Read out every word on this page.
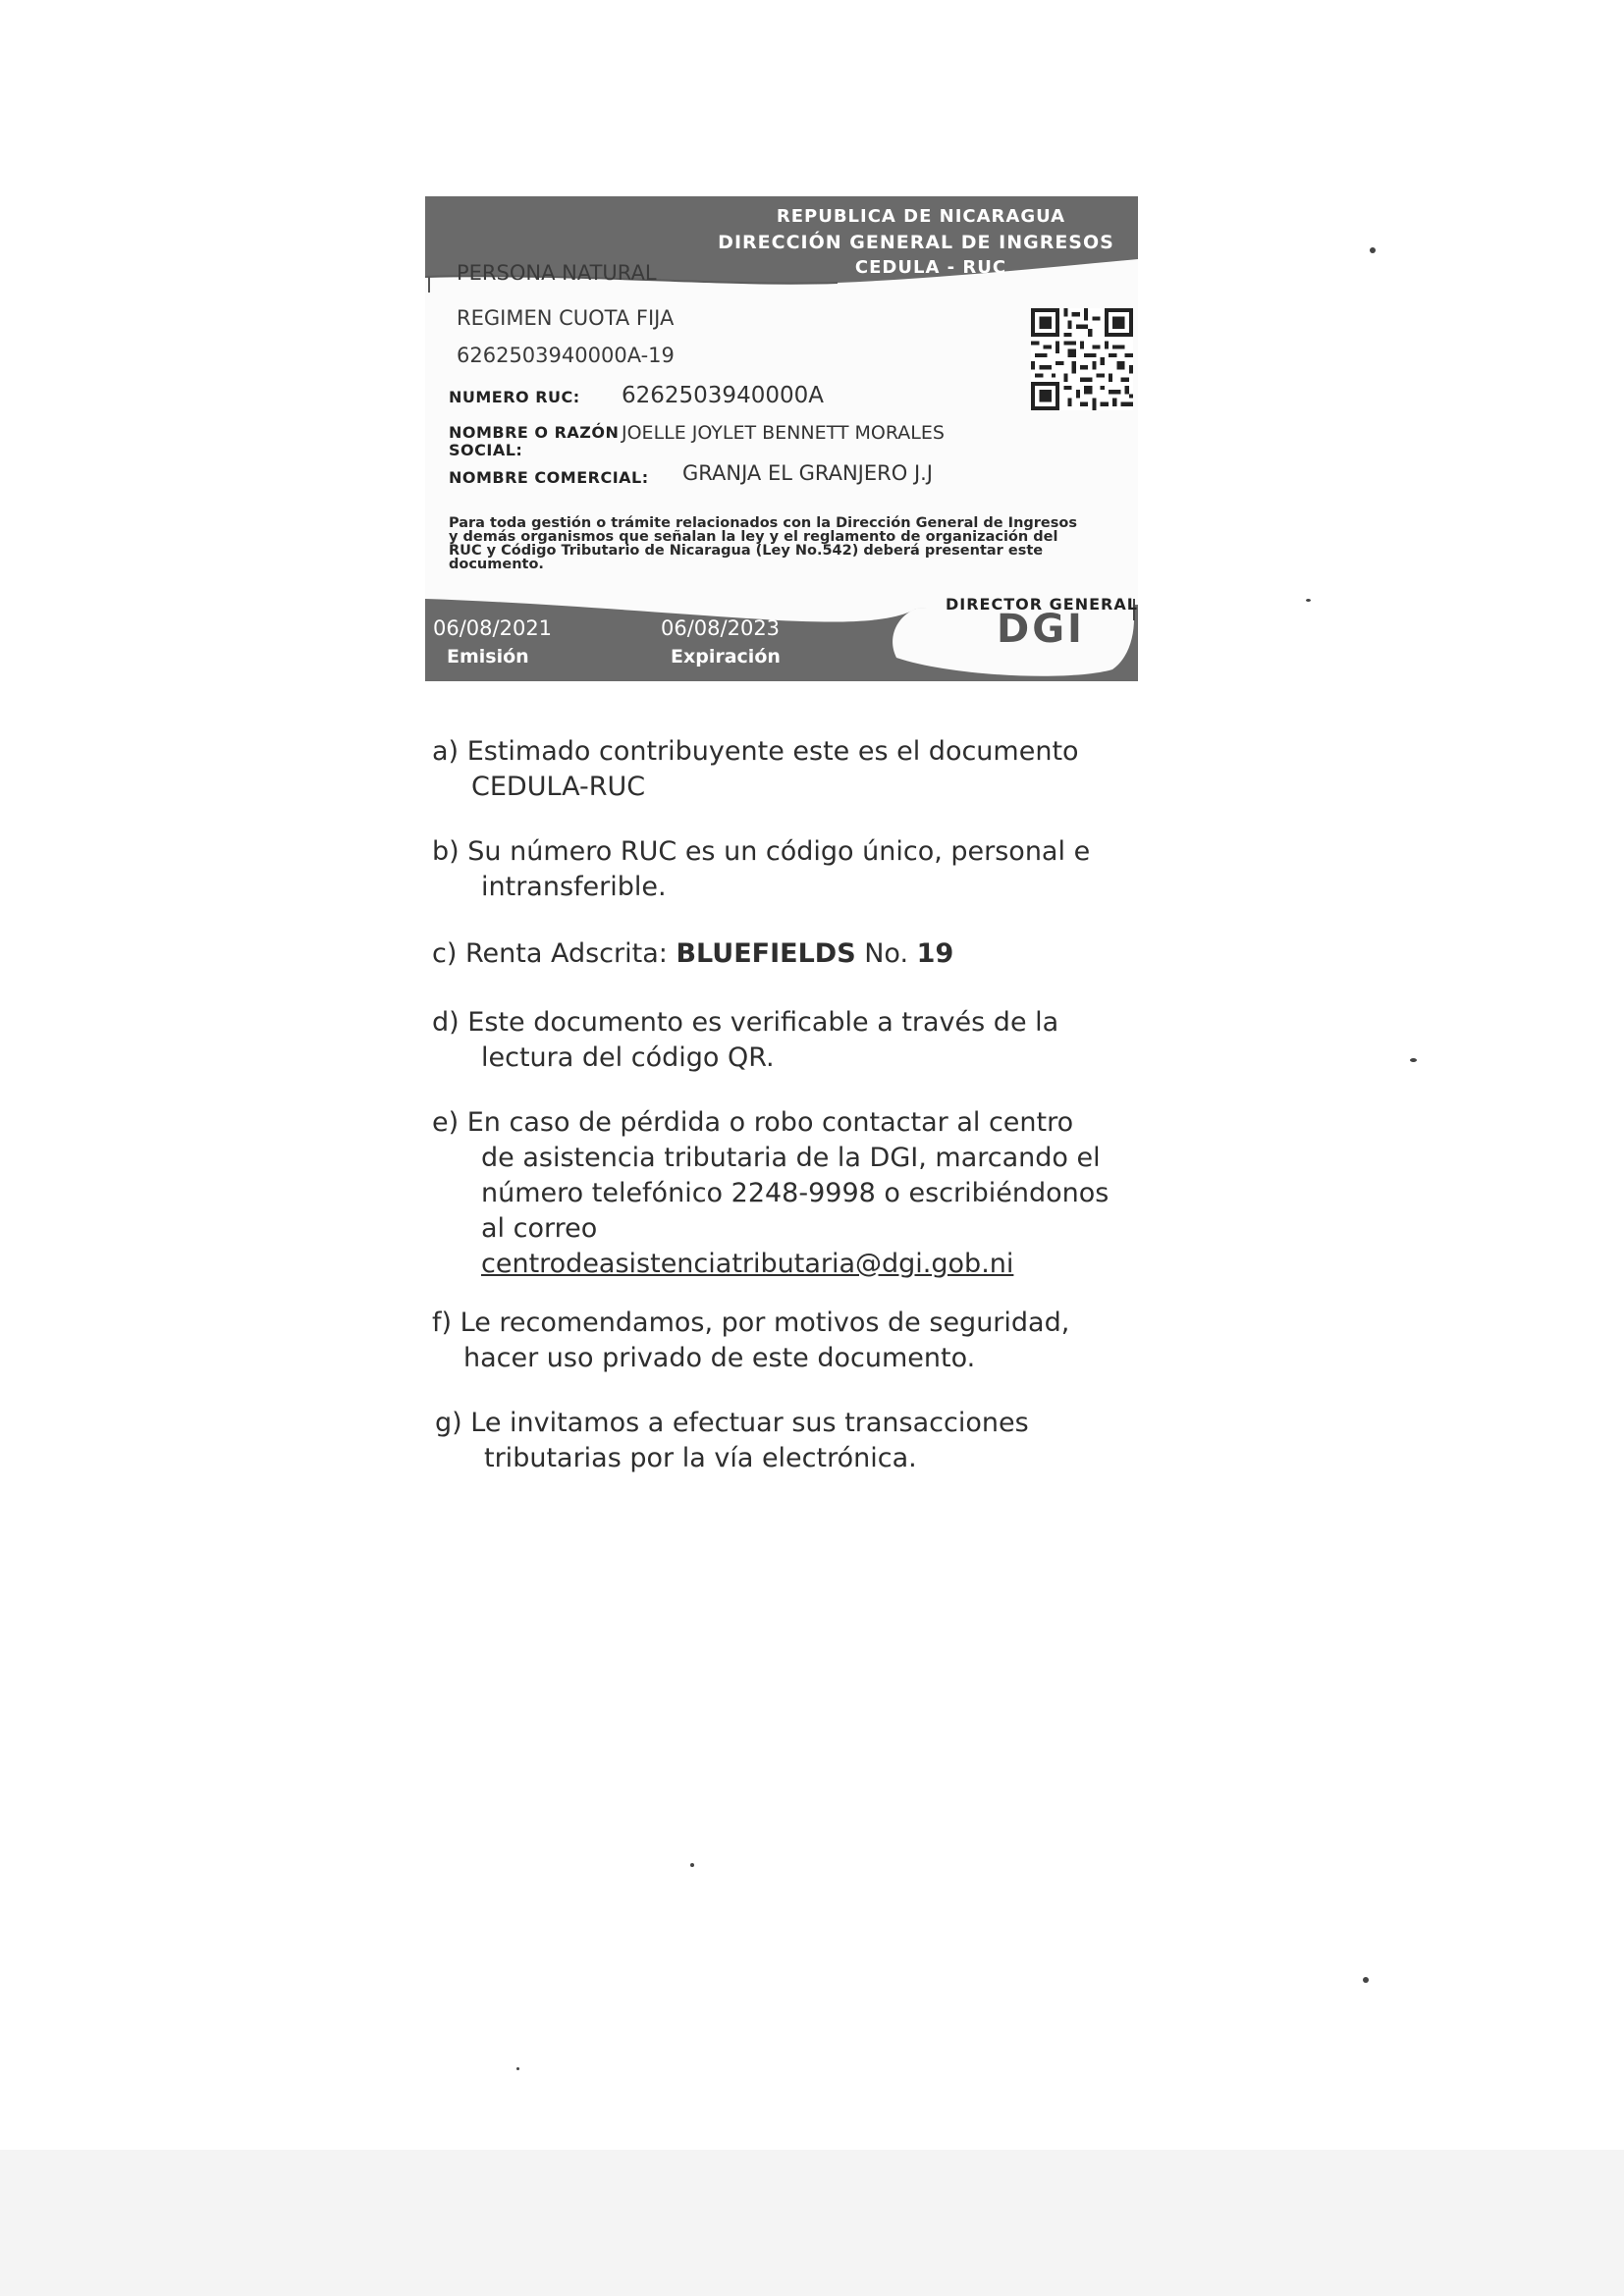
REPUBLICA DE NICARAGUA
DIRECCIÓN GENERAL DE INGRESOS
CEDULA - RUC
PERSONA NATURAL
REGIMEN CUOTA FIJA
6262503940000A-19
NUMERO RUC: 6262503940000A
NOMBRE O RAZÓN SOCIAL:
JOELLE JOYLET BENNETT MORALES
NOMBRE COMERCIAL: GRANJA EL GRANJERO J.J
Para toda gestión o trámite relacionados con la Dirección General de Ingresos y demás organismos que señalan la ley y el reglamento de organización del RUC y Código Tributario de Nicaragua (Ley No.542) deberá presentar este documento.
DIRECTOR GENERAL
DGI
06/08/2021
Emisión
06/08/2023
Expiración
a) Estimado contribuyente este es el documento
CEDULA-RUC
b) Su número RUC es un código único, personal e
intransferible.
c) Renta Adscrita: BLUEFIELDS No. 19
d) Este documento es verificable a través de la
lectura del código QR.
e) En caso de pérdida o robo contactar al centro
de asistencia tributaria de la DGI, marcando el
número telefónico 2248-9998 o escribiéndonos
al correo
centrodeasistenciatributaria@dgi.gob.ni
f) Le recomendamos, por motivos de seguridad,
hacer uso privado de este documento.
g) Le invitamos a efectuar sus transacciones
tributarias por la vía electrónica.
